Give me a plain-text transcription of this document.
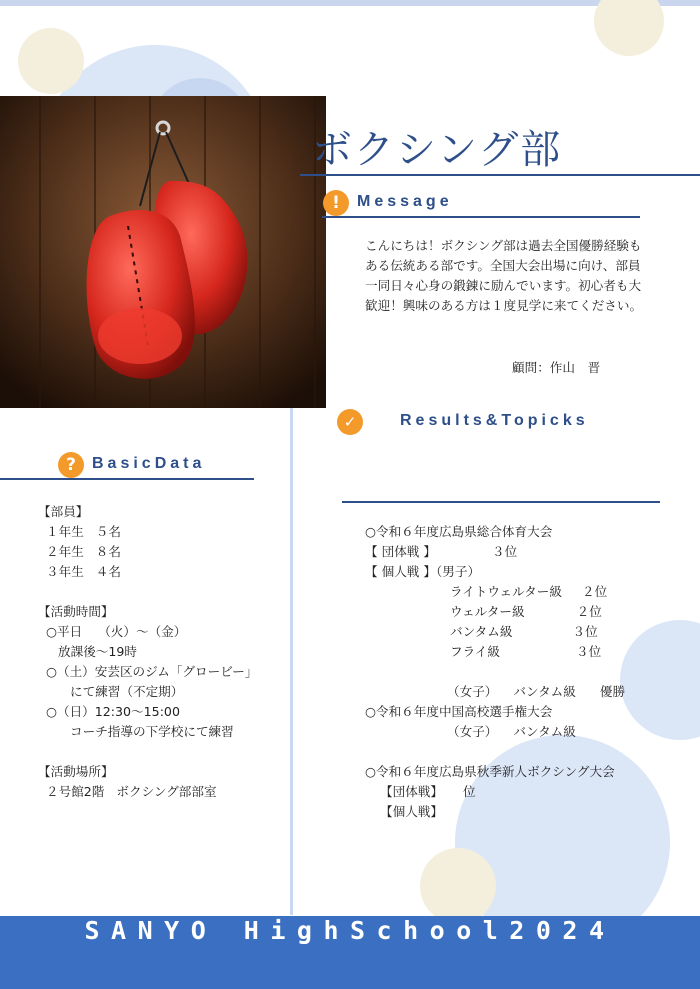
ボクシング部
!	Message
こんにちは！ボクシング部は過去全国優勝経験もある伝統ある部です。全国大会出場に向け、部員一同日々心身の鍛錬に励んでいます。初心者も大歓迎！興味のある方は１度見学に来てください。
顧問：作山　晋
✓	Results&Topicks
○令和６年度広島県総合体育大会
【 団体戦 】              ３位
【 個人戦 】（男子）
ライトウェルター級     ２位
ウェルター級             ２位
バンタム級               ３位
フライ級                   ３位
（女子）    バンタム級      優勝
○令和６年度中国高校選手権大会
（女子）    バンタム級
○令和６年度広島県秋季新人ボクシング大会
【団体戦】     位
【個人戦】
?	BasicData
【部員】
１年生   ５名
２年生   ８名
３年生   ４名
【活動時間】
○平日    （火）～（金）
放課後～19時
○（土）安芸区のジム「グロービー」
にて練習（不定期）
○（日）12:30～15:00
コーチ指導の下学校にて練習
【活動場所】
２号館2階   ボクシング部部室
SANYO HighSchool2024
